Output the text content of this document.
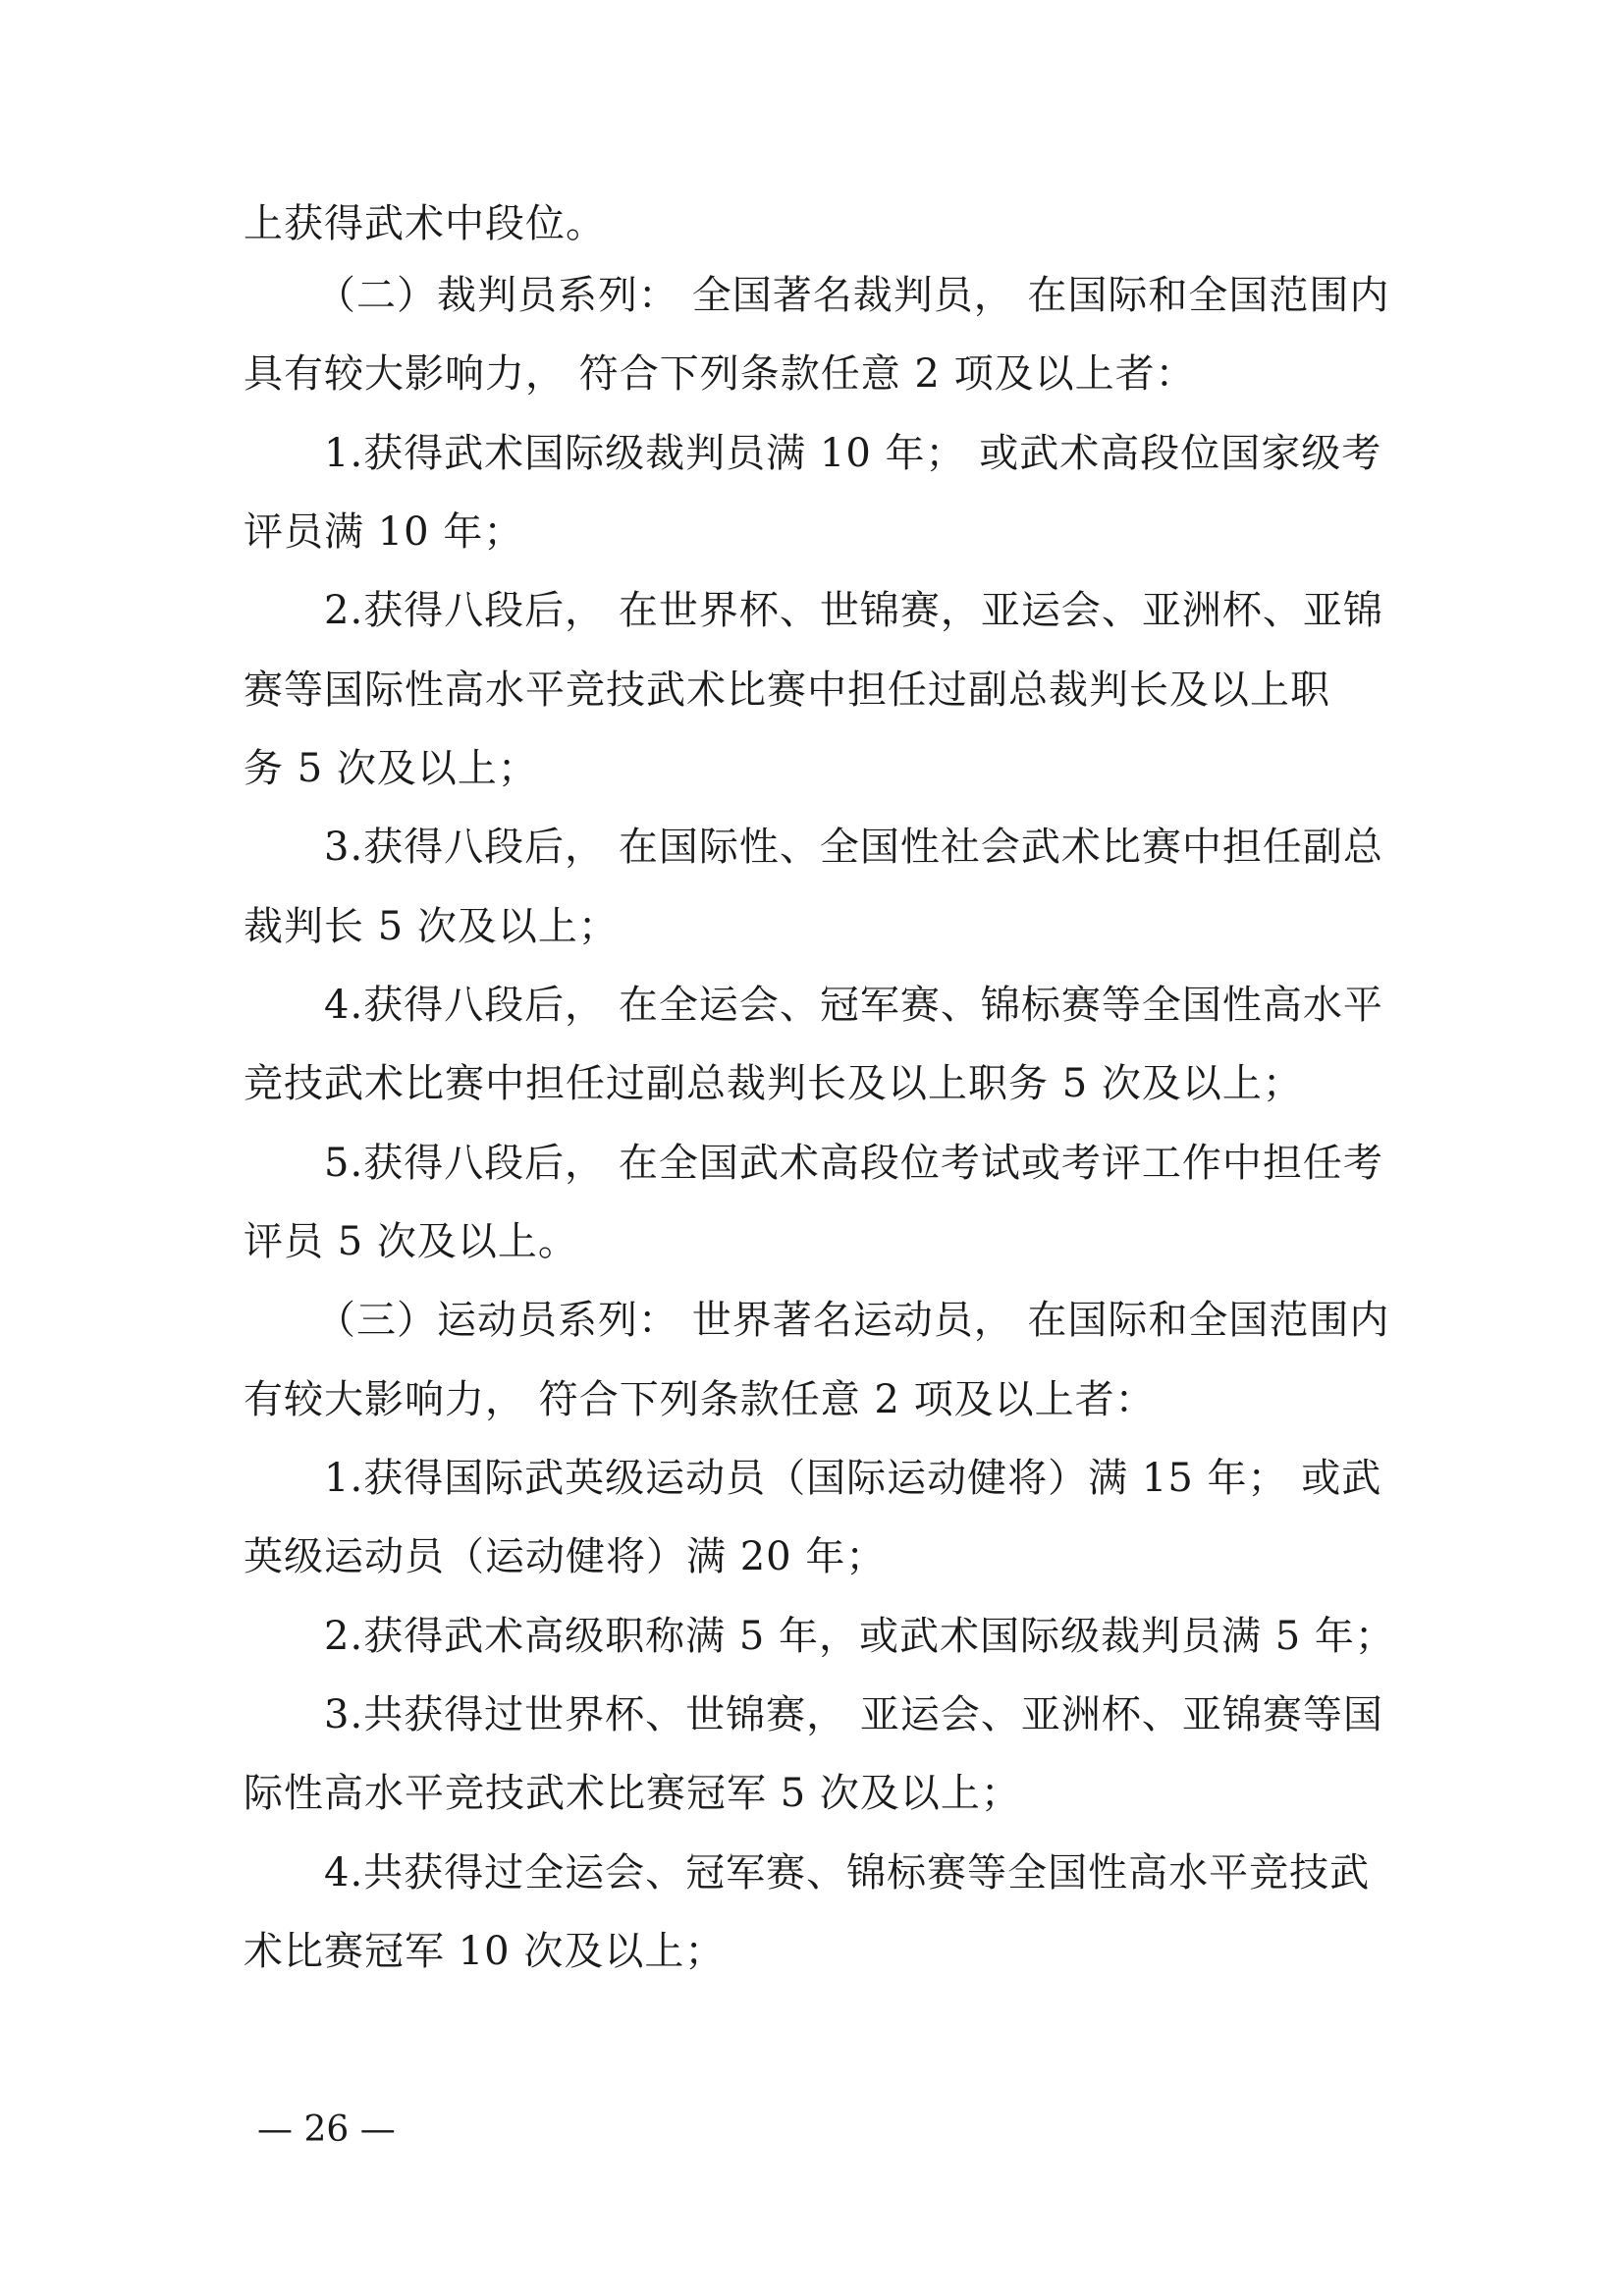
上获得武术中段位。
（二）裁判员系列： 全国著名裁判员， 在国际和全国范围内
具有较大影响力， 符合下列条款任意 2 项及以上者：
1.获得武术国际级裁判员满 10 年； 或武术高段位国家级考
评员满 10 年；
2.获得八段后， 在世界杯、世锦赛，亚运会、亚洲杯、亚锦
赛等国际性高水平竞技武术比赛中担任过副总裁判长及以上职
务 5 次及以上；
3.获得八段后， 在国际性、全国性社会武术比赛中担任副总
裁判长 5 次及以上；
4.获得八段后， 在全运会、冠军赛、锦标赛等全国性高水平
竞技武术比赛中担任过副总裁判长及以上职务 5 次及以上；
5.获得八段后， 在全国武术高段位考试或考评工作中担任考
评员 5 次及以上。
（三）运动员系列： 世界著名运动员， 在国际和全国范围内
有较大影响力， 符合下列条款任意 2 项及以上者：
1.获得国际武英级运动员（国际运动健将）满 15 年； 或武
英级运动员（运动健将）满 20 年；
2.获得武术高级职称满 5 年，或武术国际级裁判员满 5 年；
3.共获得过世界杯、世锦赛， 亚运会、亚洲杯、亚锦赛等国
际性高水平竞技武术比赛冠军 5 次及以上；
4.共获得过全运会、冠军赛、锦标赛等全国性高水平竞技武
术比赛冠军 10 次及以上；
— 26 —
